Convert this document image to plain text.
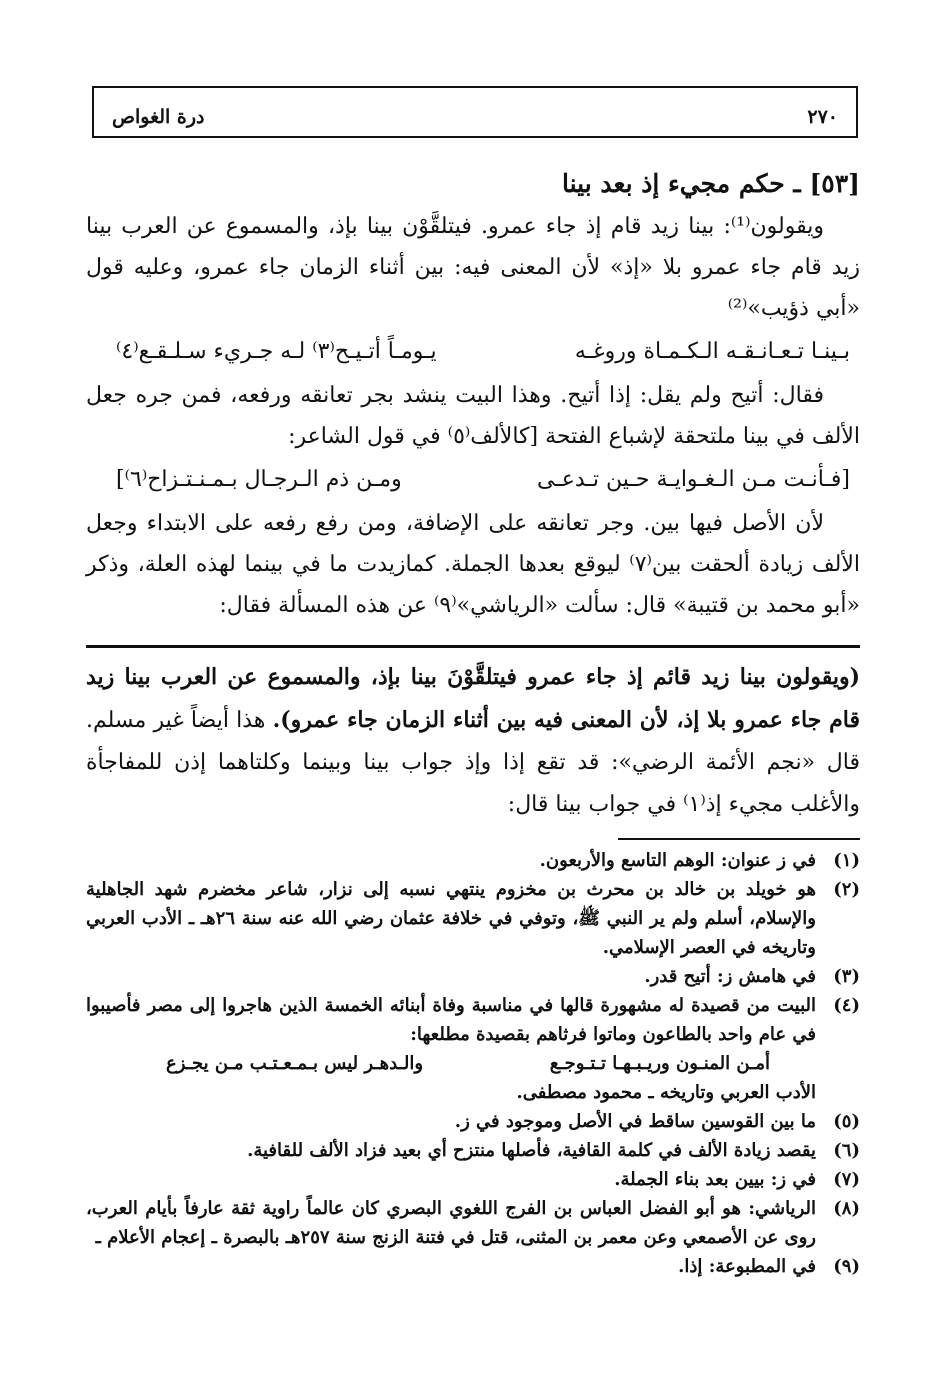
٢٧٠
درة الغواص

[٥٣] ـ حكم مجيء إذ بعد بينا

ويقولون⁽¹⁾: بينا زيد قام إذ جاء عمرو. فيتلقَّوْن بينا بإذ، والمسموع عن العرب بينا زيد قام جاء عمرو بلا «إذ» لأن المعنى فيه: بين أثناء الزمان جاء عمرو، وعليه قول «أبي ذؤيب»⁽²⁾

بـينـا تـعـانـقـه الـكـمـاة وروغـه
يـومـاً أتـيـح⁽٣⁾ لـه جـريء سـلـقـع⁽٤⁾

فقال: أتيح ولم يقل: إذا أتيح. وهذا البيت ينشد بجر تعانقه ورفعه، فمن جره جعل الألف في بينا ملتحقة لإشباع الفتحة [كالألف⁽٥⁾ في قول الشاعر:

[فـأنـت مـن الـغـوايـة حـين تـدعـى
ومـن ذم الـرجـال بـمـنـتـزاح⁽٦⁾]

لأن الأصل فيها بين. وجر تعانقه على الإضافة، ومن رفع رفعه على الابتداء وجعل الألف زيادة ألحقت بين⁽٧⁾ ليوقع بعدها الجملة. كمازيدت ما في بينما لهذه العلة، وذكر «أبو محمد بن قتيبة» قال: سألت «الرياشي»⁽٩⁾ عن هذه المسألة فقال:

(ويقولون بينا زيد قائم إذ جاء عمرو فيتلقَّوْنَ بينا بإذ، والمسموع عن العرب بينا زيد قام جاء عمرو بلا إذ، لأن المعنى فيه بين أثناء الزمان جاء عمرو). هذا أيضاً غير مسلم. قال «نجم الأئمة الرضي»: قد تقع إذا وإذ جواب بينا وبينما وكلتاهما إذن للمفاجأة والأغلب مجيء إذ⁽١⁾ في جواب بينا قال:

(١)
في ز عنوان: الوهم التاسع والأربعون.
(٢)
هو خويلد بن خالد بن محرث بن مخزوم ينتهي نسبه إلى نزار، شاعر مخضرم شهد الجاهلية والإسلام، أسلم ولم ير النبي ﷺ، وتوفي في خلافة عثمان رضي الله عنه سنة ٢٦هـ ـ الأدب العربي وتاريخه في العصر الإسلامي.
(٣)
في هامش ز: أتيح قدر.
(٤)
البيت من قصيدة له مشهورة قالها في مناسبة وفاة أبنائه الخمسة الذين هاجروا إلى مصر فأصيبوا في عام واحد بالطاعون وماتوا فرثاهم بقصيدة مطلعها:
أمـن المنـون وريـبـهـا تـتـوجـع
والـدهـر ليس بـمـعـتـب مـن يجـزع

الأدب العربي وتاريخه ـ محمود مصطفى.

(٥)
ما بين القوسين ساقط في الأصل وموجود في ز.
(٦)
يقصد زيادة الألف في كلمة القافية، فأصلها منتزح أي بعيد فزاد الألف للقافية.
(٧)
في ز: بيين بعد بناء الجملة.
(٨)
الرياشي: هو أبو الفضل العباس بن الفرج اللغوي البصري كان عالماً راوية ثقة عارفاً بأيام العرب، روى عن الأصمعي وعن معمر بن المثنى، قتل في فتنة الزنج سنة ٢٥٧هـ بالبصرة ـ إعجام الأعلام ـ
(٩)
في المطبوعة: إذا.
